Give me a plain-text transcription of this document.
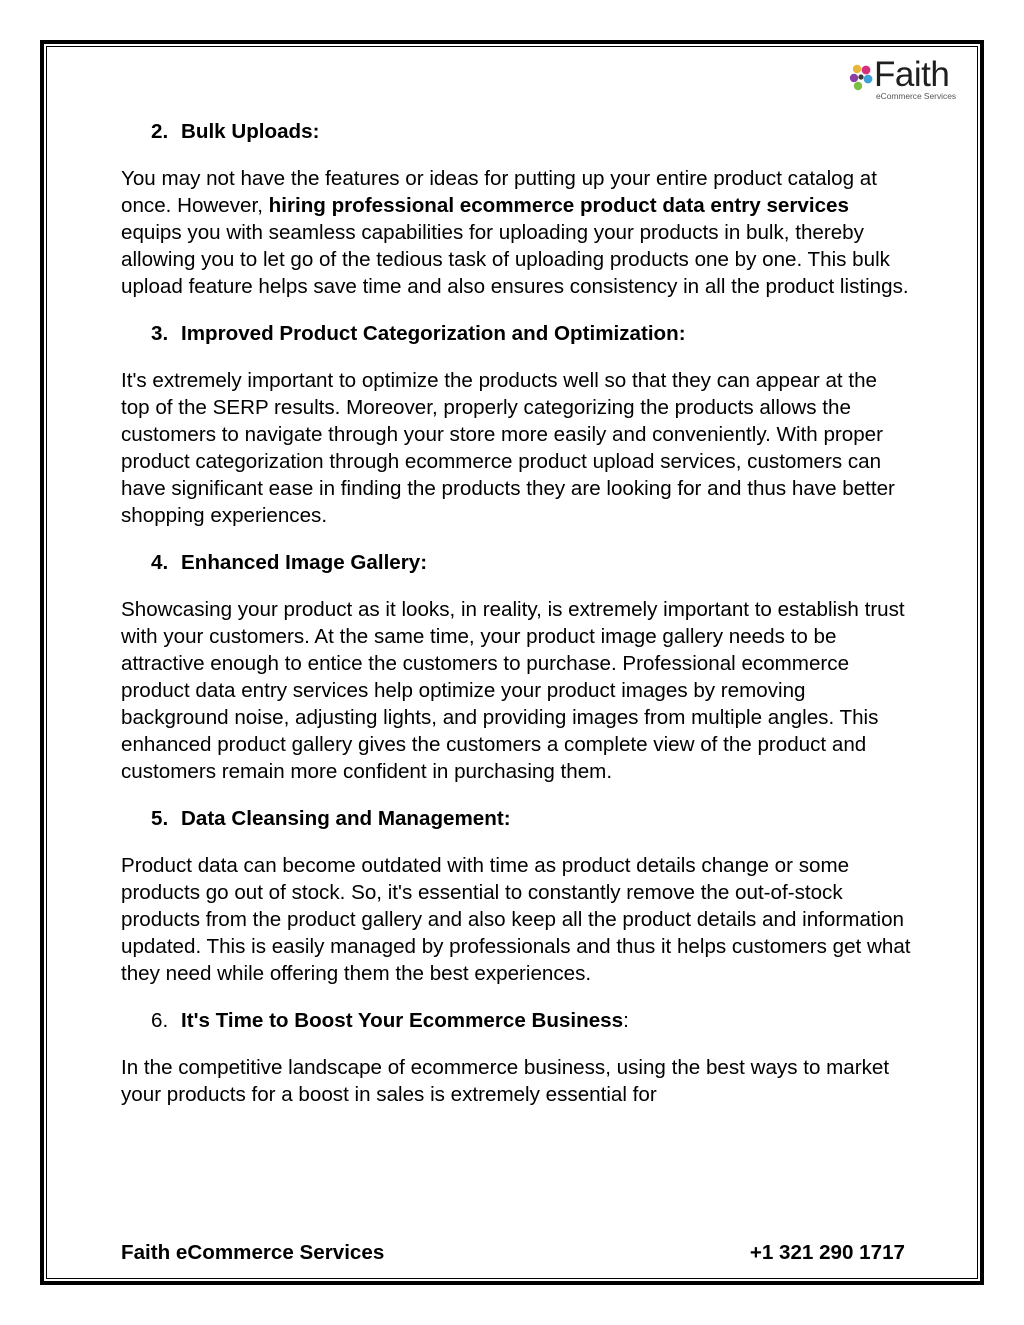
Faith
eCommerce Services
2. Bulk Uploads:

You may not have the features or ideas for putting up your entire product catalog at once. However, hiring professional ecommerce product data entry services equips you with seamless capabilities for uploading your products in bulk, thereby allowing you to let go of the tedious task of uploading products one by one. This bulk upload feature helps save time and also ensures consistency in all the product listings.

3. Improved Product Categorization and Optimization:

It's extremely important to optimize the products well so that they can appear at the top of the SERP results. Moreover, properly categorizing the products allows the customers to navigate through your store more easily and conveniently. With proper product categorization through ecommerce product upload services, customers can have significant ease in finding the products they are looking for and thus have better shopping experiences.

4. Enhanced Image Gallery:

Showcasing your product as it looks, in reality, is extremely important to establish trust with your customers. At the same time, your product image gallery needs to be attractive enough to entice the customers to purchase. Professional ecommerce product data entry services help optimize your product images by removing background noise, adjusting lights, and providing images from multiple angles. This enhanced product gallery gives the customers a complete view of the product and customers remain more confident in purchasing them.

5. Data Cleansing and Management:

Product data can become outdated with time as product details change or some products go out of stock. So, it's essential to constantly remove the out-of-stock products from the product gallery and also keep all the product details and information updated. This is easily managed by professionals and thus it helps customers get what they need while offering them the best experiences.

6. It's Time to Boost Your Ecommerce Business:

In the competitive landscape of ecommerce business, using the best ways to market your products for a boost in sales is extremely essential for

Faith eCommerce Services	+1 321 290 1717
